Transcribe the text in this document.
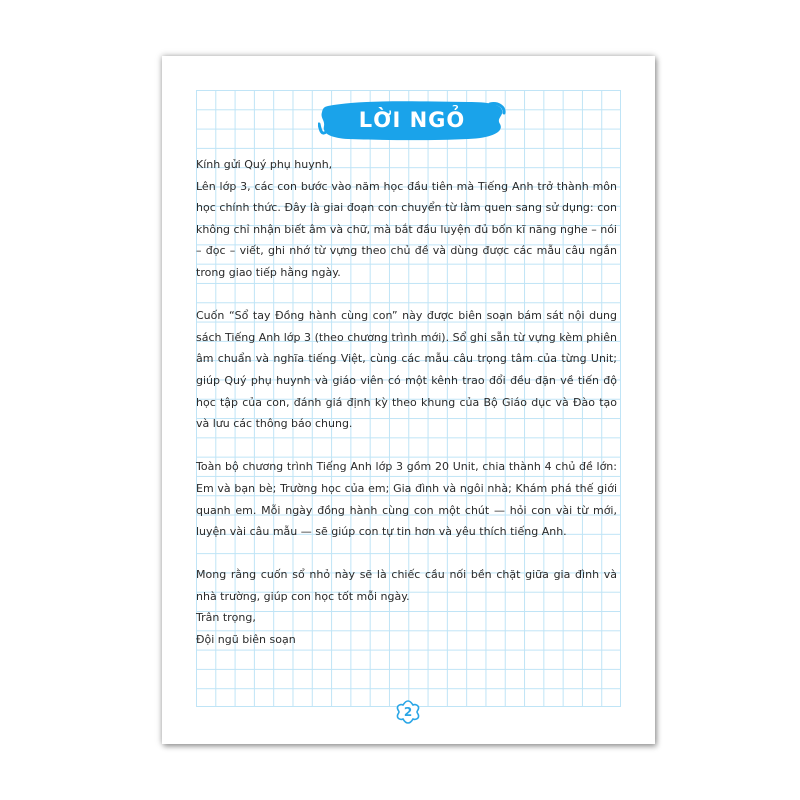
LỜI NGỎ

Kính gửi Quý phụ huynh,

Lên lớp 3, các con bước vào năm học đầu tiên mà Tiếng Anh trở thành môn học chính thức. Đây là giai đoạn con chuyển từ làm quen sang sử dụng: con không chỉ nhận biết âm và chữ, mà bắt đầu luyện đủ bốn kĩ năng nghe – nói – đọc – viết, ghi nhớ từ vựng theo chủ đề và dùng được các mẫu câu ngắn trong giao tiếp hằng ngày.

Cuốn “Sổ tay Đồng hành cùng con” này được biên soạn bám sát nội dung sách Tiếng Anh lớp 3 (theo chương trình mới). Sổ ghi sẵn từ vựng kèm phiên âm chuẩn và nghĩa tiếng Việt, cùng các mẫu câu trọng tâm của từng Unit; giúp Quý phụ huynh và giáo viên có một kênh trao đổi đều đặn về tiến độ học tập của con, đánh giá định kỳ theo khung của Bộ Giáo dục và Đào tạo và lưu các thông báo chung.

Toàn bộ chương trình Tiếng Anh lớp 3 gồm 20 Unit, chia thành 4 chủ đề lớn: Em và bạn bè; Trường học của em; Gia đình và ngôi nhà; Khám phá thế giới quanh em. Mỗi ngày đồng hành cùng con một chút — hỏi con vài từ mới, luyện vài câu mẫu — sẽ giúp con tự tin hơn và yêu thích tiếng Anh.

Mong rằng cuốn sổ nhỏ này sẽ là chiếc cầu nối bền chặt giữa gia đình và nhà trường, giúp con học tốt mỗi ngày.

Trân trọng,

Đội ngũ biên soạn

2
